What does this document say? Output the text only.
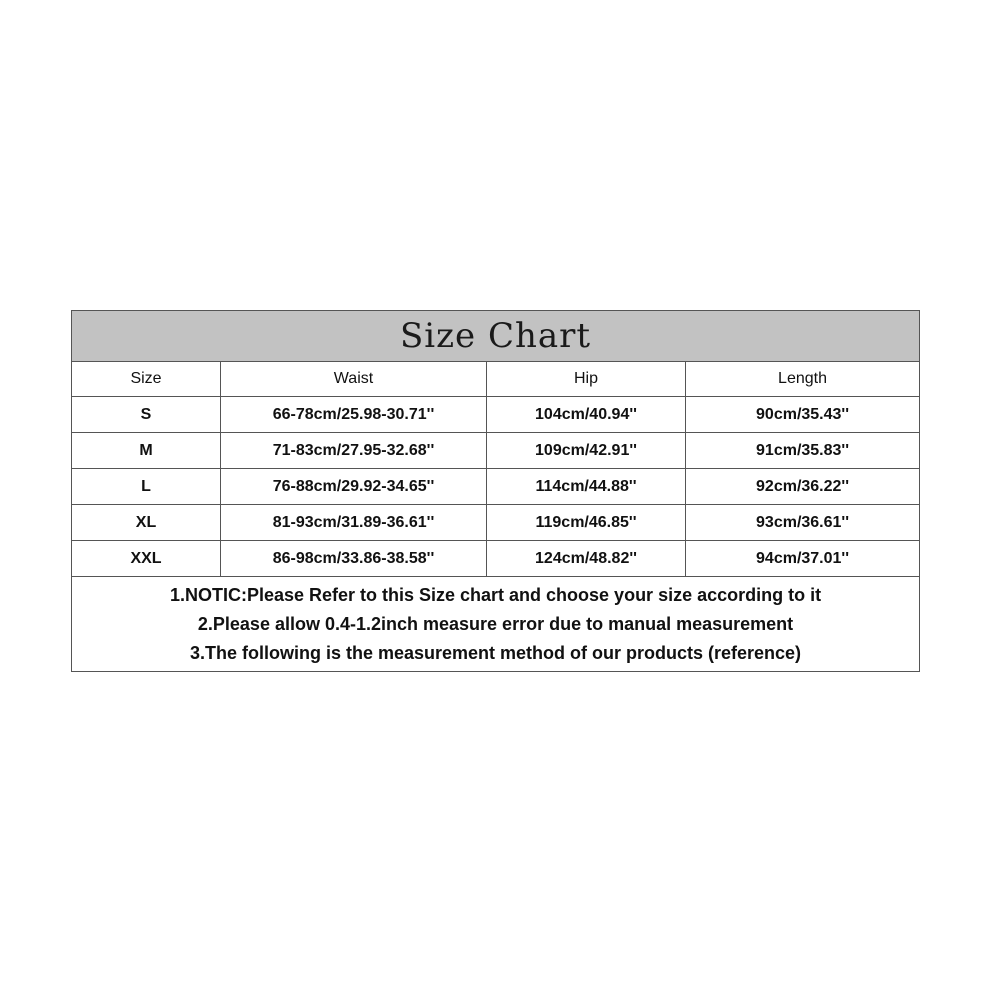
Size Chart			
Size	Waist	Hip	Length
S	66-78cm/25.98-30.71''	104cm/40.94''	90cm/35.43''
M	71-83cm/27.95-32.68''	109cm/42.91''	91cm/35.83''
L	76-88cm/29.92-34.65''	114cm/44.88''	92cm/36.22''
XL	81-93cm/31.89-36.61''	119cm/46.85''	93cm/36.61''
XXL	86-98cm/33.86-38.58''	124cm/48.82''	94cm/37.01''

1.NOTIC:Please Refer to this Size chart and choose your size according to it
2.Please allow 0.4-1.2inch measure error due to manual measurement
3.The following is the measurement method of our products (reference)			
